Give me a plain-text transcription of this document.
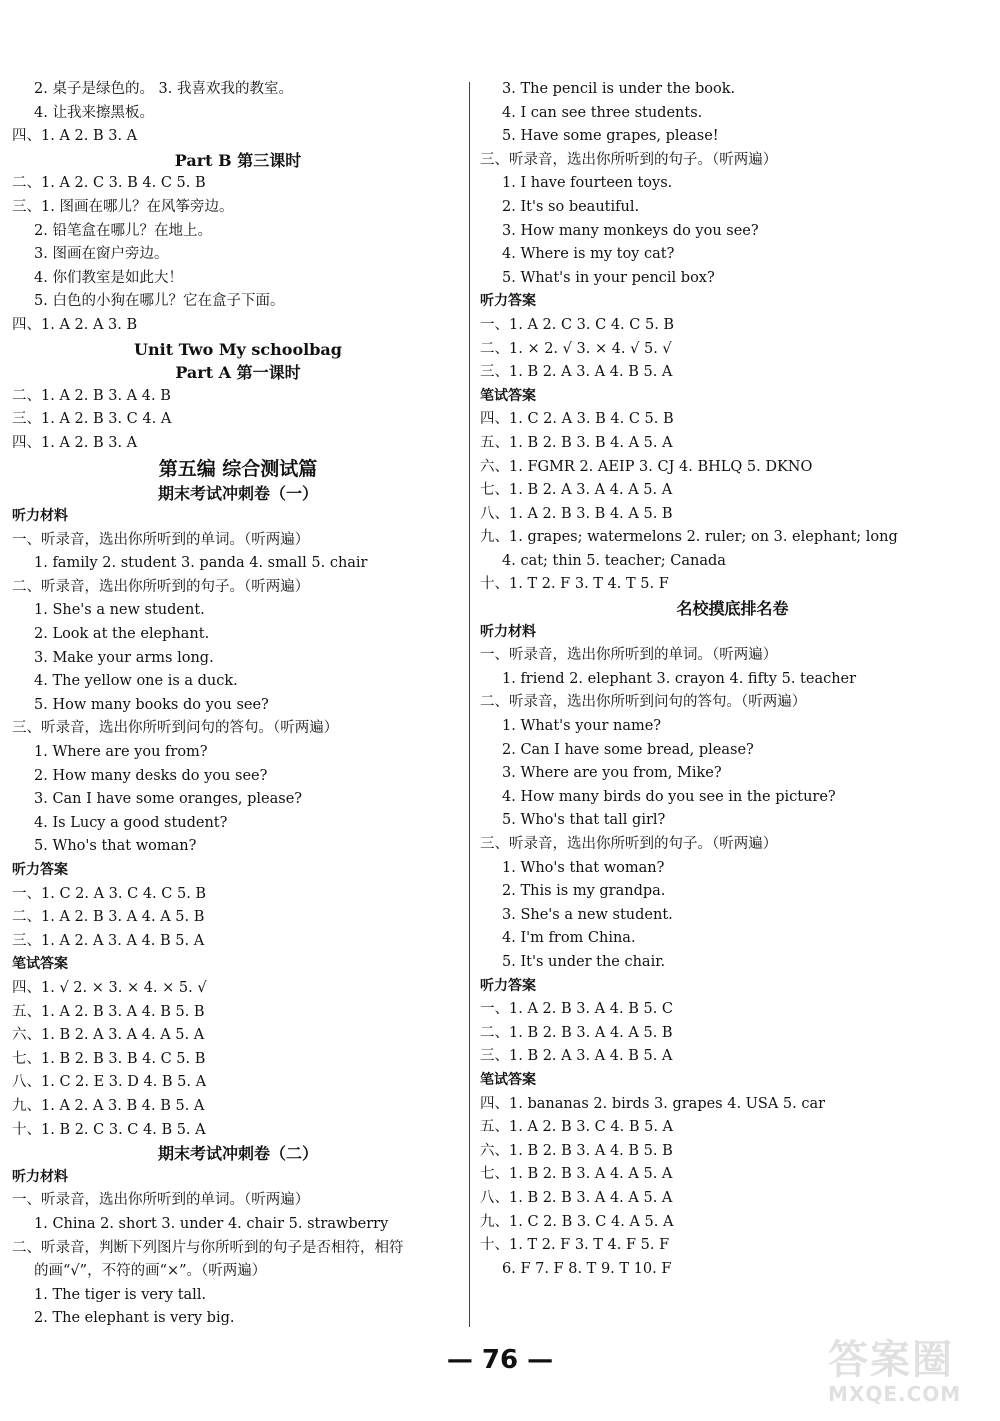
2. 桌子是绿色的。 3. 我喜欢我的教室。
4. 让我来擦黑板。
四、1. A 2. B 3. A
Part B 第三课时
二、1. A 2. C 3. B 4. C 5. B
三、1. 图画在哪儿？在风筝旁边。
2. 铅笔盒在哪儿？在地上。
3. 图画在窗户旁边。
4. 你们教室是如此大！
5. 白色的小狗在哪儿？它在盒子下面。
四、1. A 2. A 3. B
Unit Two My schoolbag
Part A 第一课时
二、1. A 2. B 3. A 4. B
三、1. A 2. B 3. C 4. A
四、1. A 2. B 3. A
第五编 综合测试篇
期末考试冲刺卷（一）
听力材料
一、听录音，选出你所听到的单词。（听两遍）
1. family 2. student 3. panda 4. small 5. chair
二、听录音，选出你所听到的句子。（听两遍）
1. She's a new student.
2. Look at the elephant.
3. Make your arms long.
4. The yellow one is a duck.
5. How many books do you see?
三、听录音，选出你所听到问句的答句。（听两遍）
1. Where are you from?
2. How many desks do you see?
3. Can I have some oranges, please?
4. Is Lucy a good student?
5. Who's that woman?
听力答案
一、1. C 2. A 3. C 4. C 5. B
二、1. A 2. B 3. A 4. A 5. B
三、1. A 2. A 3. A 4. B 5. A
笔试答案
四、1. √ 2. × 3. × 4. × 5. √
五、1. A 2. B 3. A 4. B 5. B
六、1. B 2. A 3. A 4. A 5. A
七、1. B 2. B 3. B 4. C 5. B
八、1. C 2. E 3. D 4. B 5. A
九、1. A 2. A 3. B 4. B 5. A
十、1. B 2. C 3. C 4. B 5. A
期末考试冲刺卷（二）
听力材料
一、听录音，选出你所听到的单词。（听两遍）
1. China 2. short 3. under 4. chair 5. strawberry
二、听录音，判断下列图片与你所听到的句子是否相符，相符
的画“√”，不符的画“×”。（听两遍）
1. The tiger is very tall.
2. The elephant is very big.
3. The pencil is under the book.
4. I can see three students.
5. Have some grapes, please!
三、听录音，选出你所听到的句子。（听两遍）
1. I have fourteen toys.
2. It's so beautiful.
3. How many monkeys do you see?
4. Where is my toy cat?
5. What's in your pencil box?
听力答案
一、1. A 2. C 3. C 4. C 5. B
二、1. × 2. √ 3. × 4. √ 5. √
三、1. B 2. A 3. A 4. B 5. A
笔试答案
四、1. C 2. A 3. B 4. C 5. B
五、1. B 2. B 3. B 4. A 5. A
六、1. FGMR 2. AEIP 3. CJ 4. BHLQ 5. DKNO
七、1. B 2. A 3. A 4. A 5. A
八、1. A 2. B 3. B 4. A 5. B
九、1. grapes; watermelons 2. ruler; on 3. elephant; long
4. cat; thin 5. teacher; Canada
十、1. T 2. F 3. T 4. T 5. F
名校摸底排名卷
听力材料
一、听录音，选出你所听到的单词。（听两遍）
1. friend 2. elephant 3. crayon 4. fifty 5. teacher
二、听录音，选出你所听到问句的答句。（听两遍）
1. What's your name?
2. Can I have some bread, please?
3. Where are you from, Mike?
4. How many birds do you see in the picture?
5. Who's that tall girl?
三、听录音，选出你所听到的句子。（听两遍）
1. Who's that woman?
2. This is my grandpa.
3. She's a new student.
4. I'm from China.
5. It's under the chair.
听力答案
一、1. A 2. B 3. A 4. B 5. C
二、1. B 2. B 3. A 4. A 5. B
三、1. B 2. A 3. A 4. B 5. A
笔试答案
四、1. bananas 2. birds 3. grapes 4. USA 5. car
五、1. A 2. B 3. C 4. B 5. A
六、1. B 2. B 3. A 4. B 5. B
七、1. B 2. B 3. A 4. A 5. A
八、1. B 2. B 3. A 4. A 5. A
九、1. C 2. B 3. C 4. A 5. A
十、1. T 2. F 3. T 4. F 5. F
6. F 7. F 8. T 9. T 10. F
— 76 —	答案圈
MXQE.COM
